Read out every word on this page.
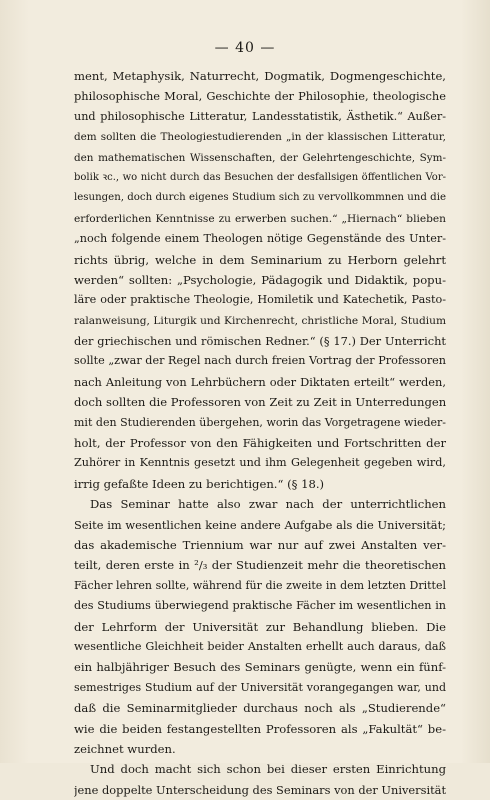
— 40 —
ment, Metaphysik, Naturrecht, Dogmatik, Dogmengeschichte,
philosophische Moral, Geschichte der Philosophie, theologische
und philosophische Litteratur, Landesstatistik, Ästhetik.“ Außer-
dem sollten die Theologiestudierenden „in der klassischen Litteratur,
den mathematischen Wissenschaften, der Gelehrtengeschichte, Sym-
bolik ꝛc., wo nicht durch das Besuchen der desfallsigen öffentlichen Vor-
lesungen, doch durch eigenes Studium sich zu vervollkommnen und die
erforderlichen Kenntnisse zu erwerben suchen.“ „Hiernach“ blieben
„noch folgende einem Theologen nötige Gegenstände des Unter-
richts übrig, welche in dem Seminarium zu Herborn gelehrt
werden“ sollten: „Psychologie, Pädagogik und Didaktik, popu-
läre oder praktische Theologie, Homiletik und Katechetik, Pasto-
ralanweisung, Liturgik und Kirchenrecht, christliche Moral, Studium
der griechischen und römischen Redner.“ (§ 17.) Der Unterricht
sollte „zwar der Regel nach durch freien Vortrag der Professoren
nach Anleitung von Lehrbüchern oder Diktaten erteilt“ werden,
doch sollten die Professoren von Zeit zu Zeit in Unterredungen
mit den Studierenden übergehen, worin das Vorgetragene wieder-
holt, der Professor von den Fähigkeiten und Fortschritten der
Zuhörer in Kenntnis gesetzt und ihm Gelegenheit gegeben wird,
irrig gefaßte Ideen zu berichtigen.“ (§ 18.)
Das Seminar hatte also zwar nach der unterrichtlichen
Seite im wesentlichen keine andere Aufgabe als die Universität;
das akademische Triennium war nur auf zwei Anstalten ver-
teilt, deren erste in ²/₃ der Studienzeit mehr die theoretischen
Fächer lehren sollte, während für die zweite in dem letzten Drittel
des Studiums überwiegend praktische Fächer im wesentlichen in
der Lehrform der Universität zur Behandlung blieben. Die
wesentliche Gleichheit beider Anstalten erhellt auch daraus, daß
ein halbjähriger Besuch des Seminars genügte, wenn ein fünf-
semestriges Studium auf der Universität vorangegangen war, und
daß die Seminarmitglieder durchaus noch als „Studierende“
wie die beiden festangestellten Professoren als „Fakultät“ be-
zeichnet wurden.
Und doch macht sich schon bei dieser ersten Einrichtung
jene doppelte Unterscheidung des Seminars von der Universität
